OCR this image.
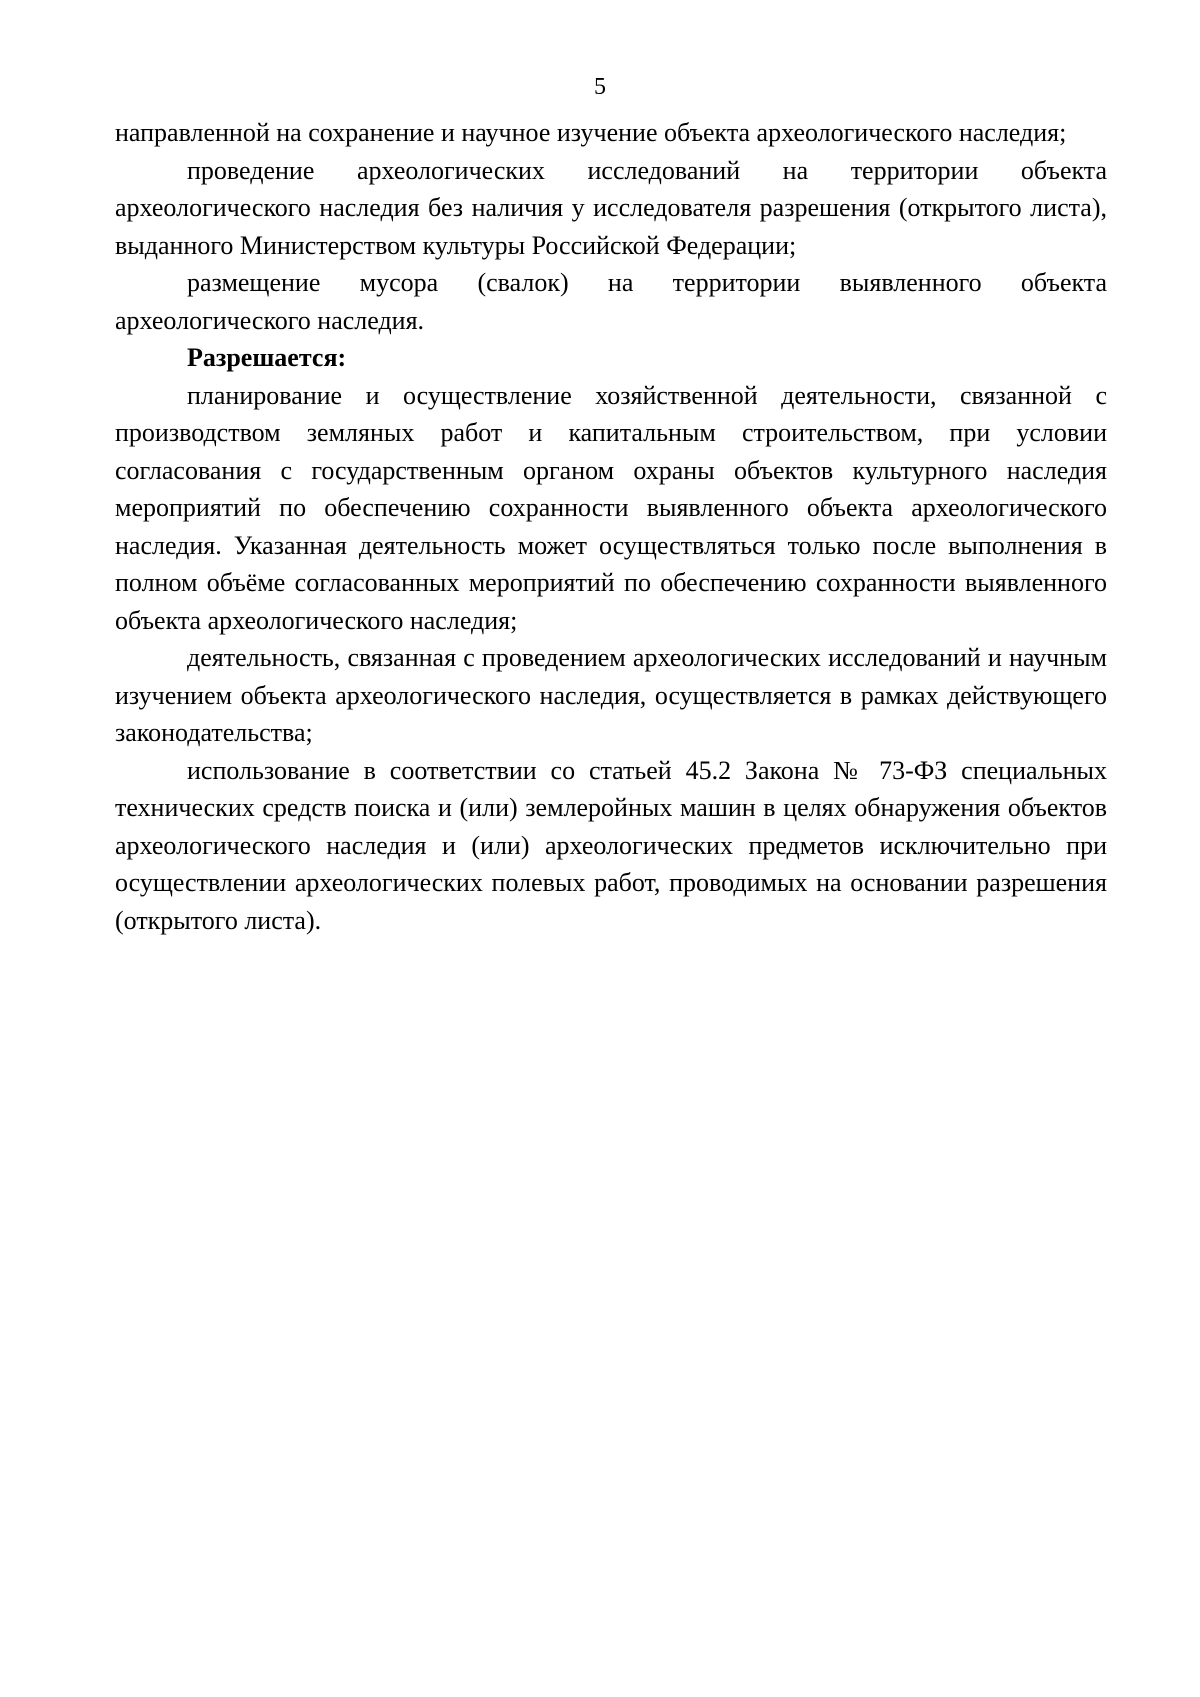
5

направленной на сохранение и научное изучение объекта археологического наследия;

проведение археологических исследований на территории объекта археологического наследия без наличия у исследователя разрешения (открытого листа), выданного Министерством культуры Российской Федерации;

размещение мусора (свалок) на территории выявленного объекта археологического наследия.

Разрешается:

планирование и осуществление хозяйственной деятельности, связанной с производством земляных работ и капитальным строительством, при условии согласования с государственным органом охраны объектов культурного наследия мероприятий по обеспечению сохранности выявленного объекта археологического наследия. Указанная деятельность может осуществляться только после выполнения в полном объёме согласованных мероприятий по обеспечению сохранности выявленного объекта археологического наследия;

деятельность, связанная с проведением археологических исследований и научным изучением объекта археологического наследия, осуществляется в рамках действующего законодательства;

использование в соответствии со статьей 45.2 Закона № 73-ФЗ специальных технических средств поиска и (или) землеройных машин в целях обнаружения объектов археологического наследия и (или) археологических предметов исключительно при осуществлении археологических полевых работ, проводимых на основании разрешения (открытого листа).
